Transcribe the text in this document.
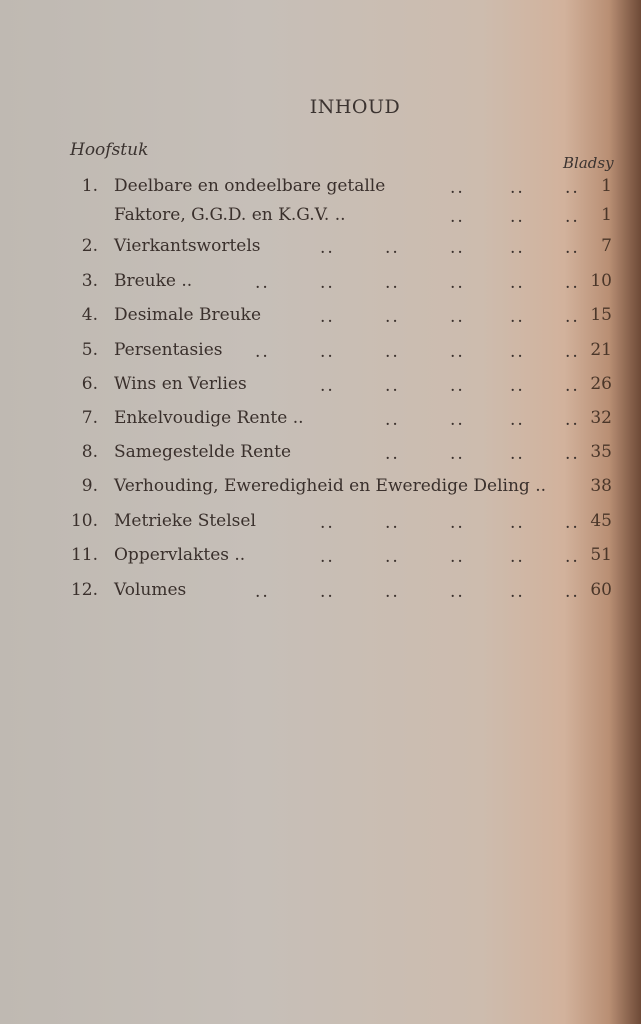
INHOUD
Hoofstuk
Bladsy
1. Deelbare en ondeelbare getalle	..	.. ..	1
Faktore, G.G.D. en K.G.V. ..	..	.. ..	1
2. Vierkantswortels	..	..	..	.. ..	7
3. Breuke ..	..	..	..	..	.. .. 10
4. Desimale Breuke	..	..	..	.. .. 15
5. Persentasies ..	..	..	..	.. .. 21
6. Wins en Verlies	..	..	..	.. .. 26
7. Enkelvoudige Rente ..	..	..	.. .. 32
8. Samegestelde Rente	..	..	.. .. 35
9. Verhouding, Eweredigheid en Eweredige Deling ..	38
10. Metrieke Stelsel	..	..	..	.. .. 45
11. Oppervlaktes ..	..	..	..	.. .. 51
12. Volumes	..	..	..	..	.. .. 60
